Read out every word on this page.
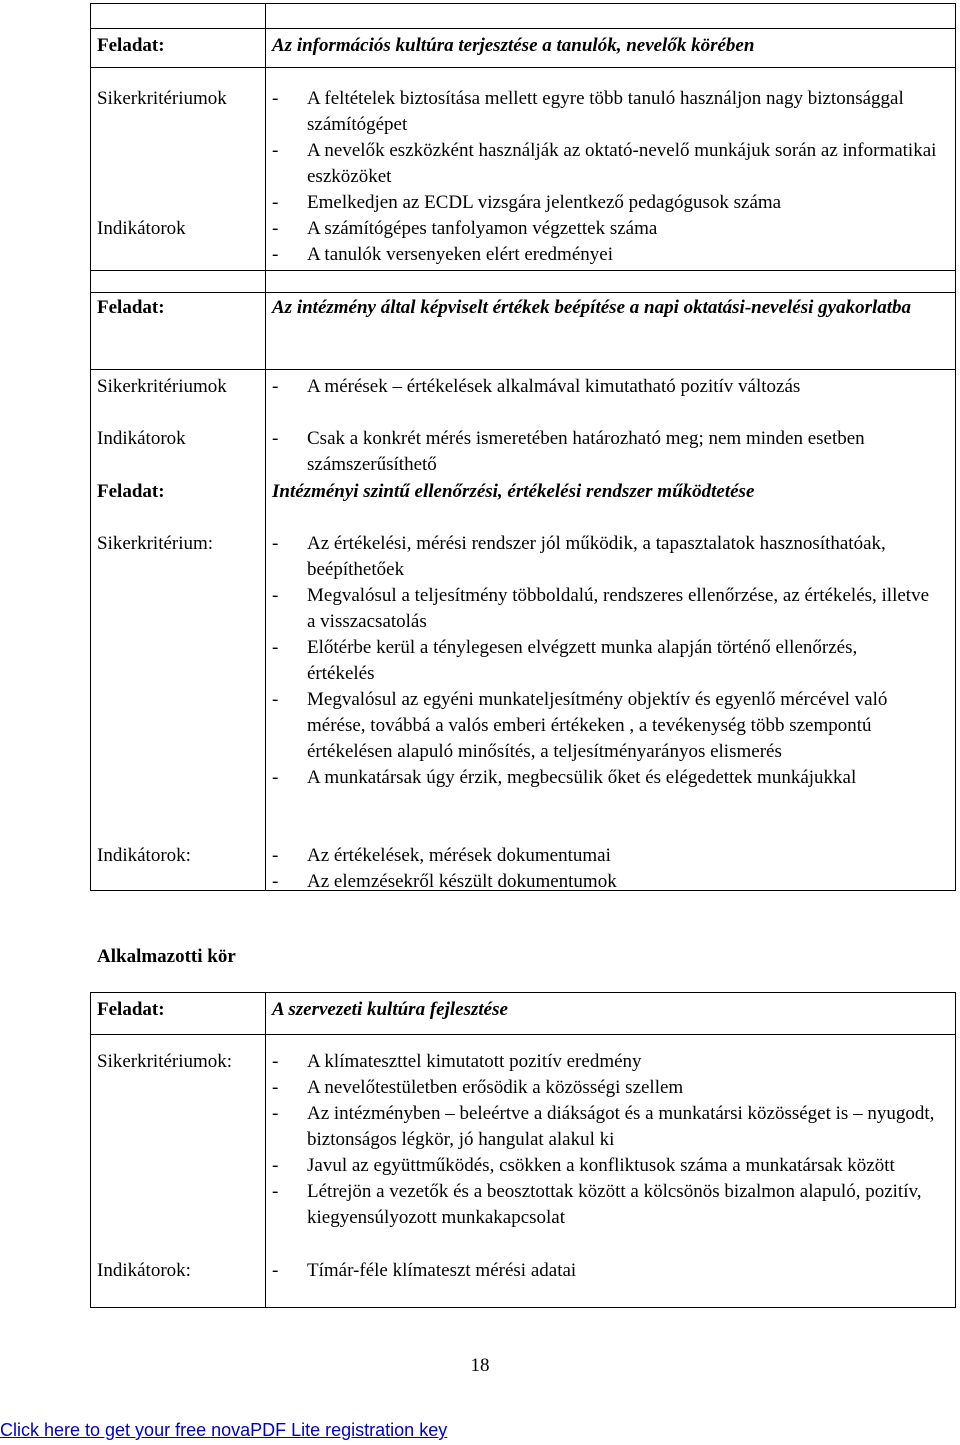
Feladat:	Az információs kultúra terjesztése a tanulók, nevelők körében
Sikerkritériumok	- A feltételek biztosítása mellett egyre több tanuló használjon nagy biztonsággal számítógépet
- A nevelők eszközként használják az oktató-nevelő munkájuk során az informatikai eszközöket
- Emelkedjen az ECDL vizsgára jelentkező pedagógusok száma
Indikátorok	- A számítógépes tanfolyamon végzettek száma
- A tanulók versenyeken elért eredményei
Feladat:	Az intézmény által képviselt értékek beépítése a napi oktatási-nevelési gyakorlatba
Sikerkritériumok	- A mérések – értékelések alkalmával kimutatható pozitív változás
Indikátorok	- Csak a konkrét mérés ismeretében határozható meg; nem minden esetben számszerűsíthető
Feladat:	Intézményi szintű ellenőrzési, értékelési rendszer működtetése
Sikerkritérium:	- Az értékelési, mérési rendszer jól működik, a tapasztalatok hasznosíthatóak, beépíthetőek
- Megvalósul a teljesítmény többoldalú, rendszeres ellenőrzése, az értékelés, illetve a visszacsatolás
- Előtérbe kerül a ténylegesen elvégzett munka alapján történő ellenőrzés, értékelés
- Megvalósul az egyéni munkateljesítmény objektív és egyenlő mércével való mérése, továbbá a valós emberi értékeken , a tevékenység több szempontú értékelésen alapuló minősítés, a teljesítményarányos elismerés
- A munkatársak úgy érzik, megbecsülik őket és elégedettek munkájukkal
Indikátorok:	- Az értékelések, mérések dokumentumai
- Az elemzésekről készült dokumentumok
Alkalmazotti kör
Feladat:	A szervezeti kultúra fejlesztése
Sikerkritériumok:	- A klímateszttel kimutatott pozitív eredmény
- A nevelőtestületben erősödik a közösségi szellem
- Az intézményben – beleértve a diákságot és a munkatársi közösséget is – nyugodt, biztonságos légkör, jó hangulat alakul ki
- Javul az együttműködés, csökken a konfliktusok száma a munkatársak között
- Létrejön a vezetők és a beosztottak között a kölcsönös bizalmon alapuló, pozitív, kiegyensúlyozott munkakapcsolat
Indikátorok:	- Tímár-féle klímateszt mérési adatai
18
Click here to get your free novaPDF Lite registration key
